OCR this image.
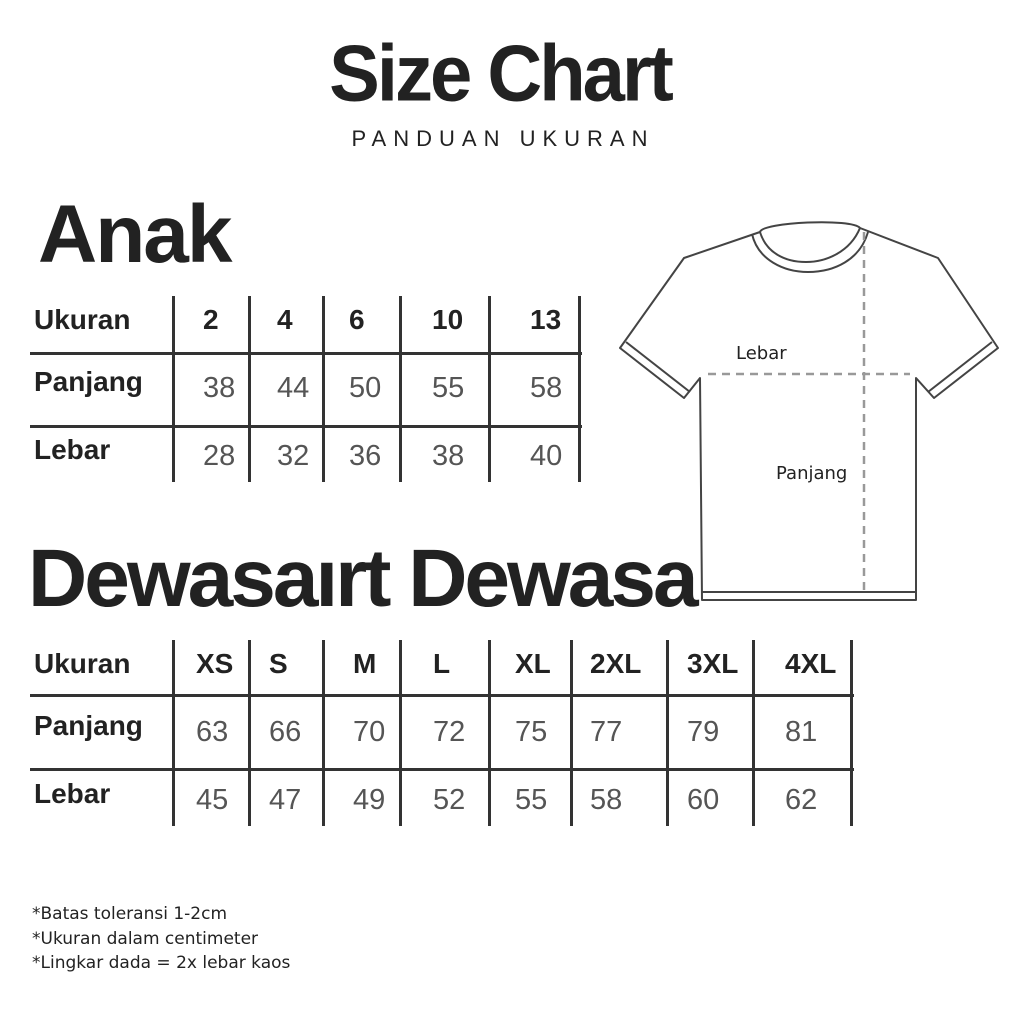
Size Chart
PANDUAN UKURAN
Anak
Ukuran
Panjang
Lebar
2 4 6 10 13
38 44 50 55 58
28 32 36 38 40
Dewasaırt Dewasa
Ukuran
Panjang
Lebar
XS S M L XL 2XL 3XL 4XL
63 66 70 72 75 77 79 81
45 47 49 52 55 58 60 62
Lebar
Panjang
*Batas toleransi 1-2cm
*Ukuran dalam centimeter
*Lingkar dada = 2x lebar kaos
